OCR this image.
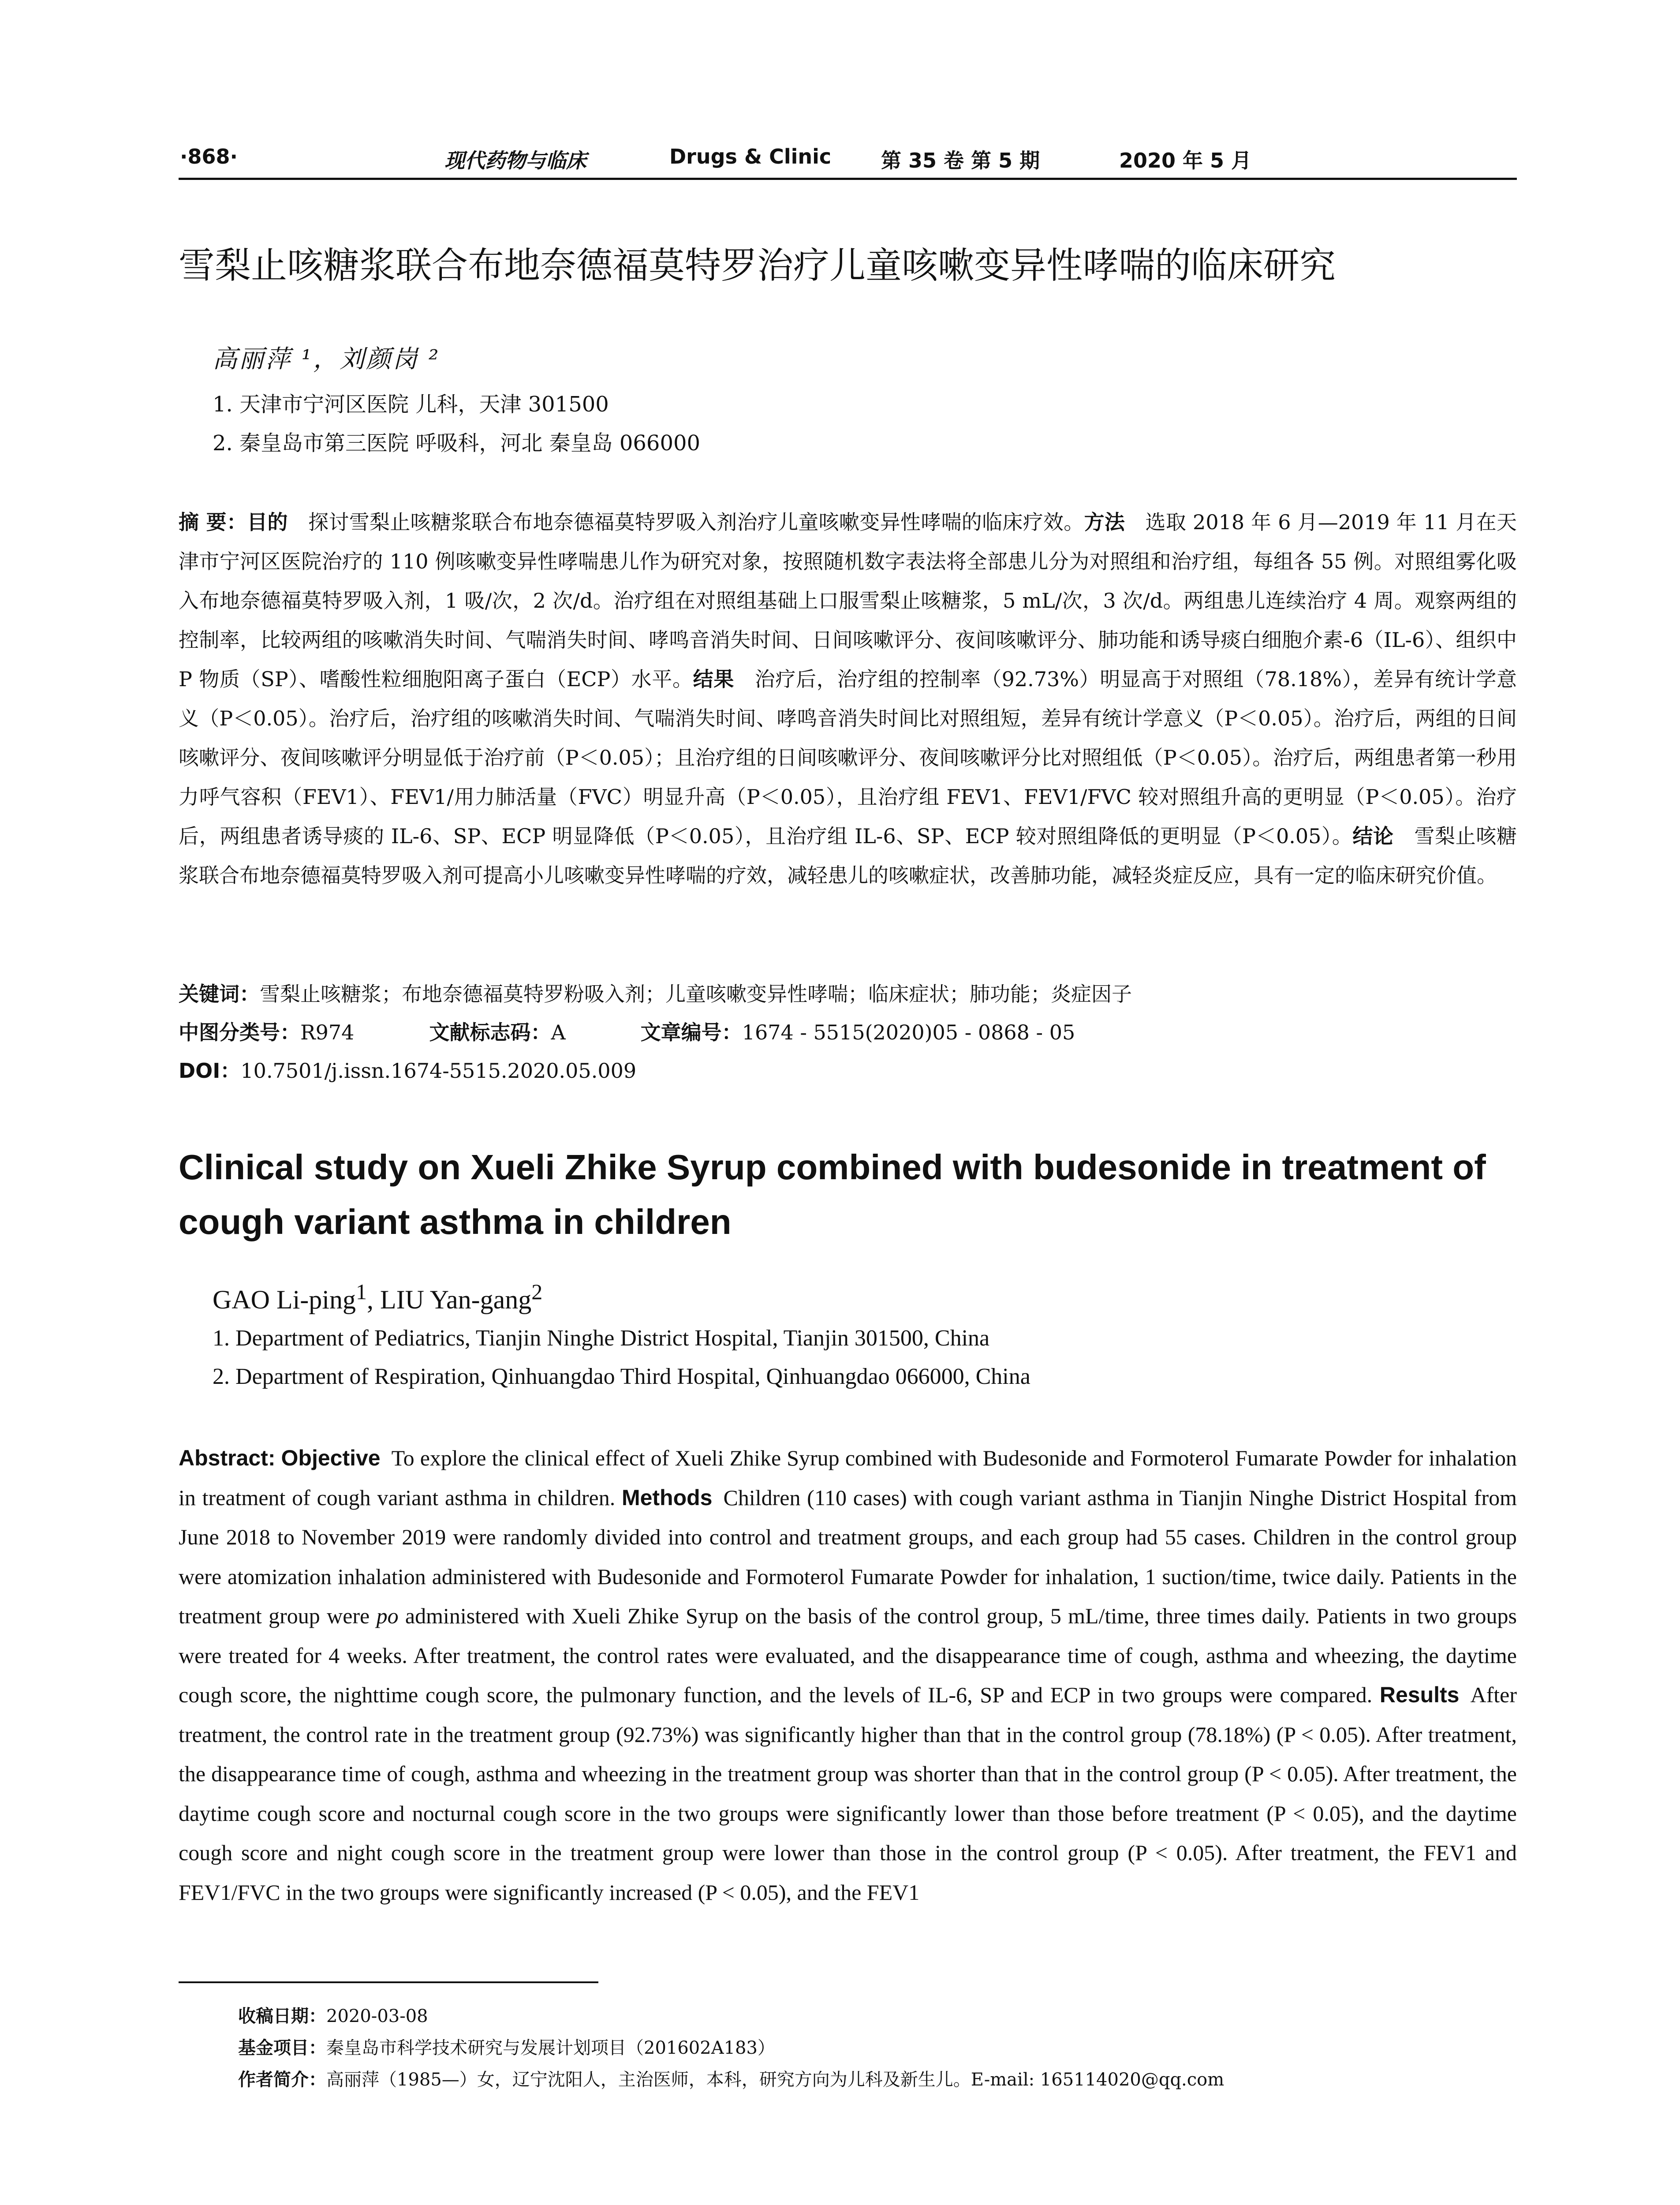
·868·	现代药物与临床	Drugs & Clinic 第 35 卷 第 5 期	2020 年 5 月
雪梨止咳糖浆联合布地奈德福莫特罗治疗儿童咳嗽变异性哮喘的临床研究
高丽萍 ¹，刘颜岗 ²
1. 天津市宁河区医院 儿科，天津 301500
2. 秦皇岛市第三医院 呼吸科，河北 秦皇岛 066000
摘 要：目的  探讨雪梨止咳糖浆联合布地奈德福莫特罗吸入剂治疗儿童咳嗽变异性哮喘的临床疗效。方法  选取 2018 年 6 月—2019 年 11 月在天津市宁河区医院治疗的 110 例咳嗽变异性哮喘患儿作为研究对象，按照随机数字表法将全部患儿分为对照组和治疗组，每组各 55 例。对照组雾化吸入布地奈德福莫特罗吸入剂，1 吸/次，2 次/d。治疗组在对照组基础上口服雪梨止咳糖浆，5 mL/次，3 次/d。两组患儿连续治疗 4 周。观察两组的控制率，比较两组的咳嗽消失时间、气喘消失时间、哮鸣音消失时间、日间咳嗽评分、夜间咳嗽评分、肺功能和诱导痰白细胞介素-6（IL-6）、组织中 P 物质（SP）、嗜酸性粒细胞阳离子蛋白（ECP）水平。结果  治疗后，治疗组的控制率（92.73%）明显高于对照组（78.18%），差异有统计学意义（P＜0.05）。治疗后，治疗组的咳嗽消失时间、气喘消失时间、哮鸣音消失时间比对照组短，差异有统计学意义（P＜0.05）。治疗后，两组的日间咳嗽评分、夜间咳嗽评分明显低于治疗前（P＜0.05）；且治疗组的日间咳嗽评分、夜间咳嗽评分比对照组低（P＜0.05）。治疗后，两组患者第一秒用力呼气容积（FEV1）、FEV1/用力肺活量（FVC）明显升高（P＜0.05），且治疗组 FEV1、FEV1/FVC 较对照组升高的更明显（P＜0.05）。治疗后，两组患者诱导痰的 IL-6、SP、ECP 明显降低（P＜0.05），且治疗组 IL-6、SP、ECP 较对照组降低的更明显（P＜0.05）。结论  雪梨止咳糖浆联合布地奈德福莫特罗吸入剂可提高小儿咳嗽变异性哮喘的疗效，减轻患儿的咳嗽症状，改善肺功能，减轻炎症反应，具有一定的临床研究价值。
关键词：雪梨止咳糖浆；布地奈德福莫特罗粉吸入剂；儿童咳嗽变异性哮喘；临床症状；肺功能；炎症因子
中图分类号：R974	文献标志码：A	文章编号：1674 - 5515(2020)05 - 0868 - 05
DOI：10.7501/j.issn.1674-5515.2020.05.009
Clinical study on Xueli Zhike Syrup combined with budesonide in treatment of cough variant asthma in children
GAO Li-ping$^1$, LIU Yan-gang$^2$
1. Department of Pediatrics, Tianjin Ninghe District Hospital, Tianjin 301500, China
2. Department of Respiration, Qinhuangdao Third Hospital, Qinhuangdao 066000, China
Abstract: Objective  To explore the clinical effect of Xueli Zhike Syrup combined with Budesonide and Formoterol Fumarate Powder for inhalation in treatment of cough variant asthma in children. Methods  Children (110 cases) with cough variant asthma in Tianjin Ninghe District Hospital from June 2018 to November 2019 were randomly divided into control and treatment groups, and each group had 55 cases. Children in the control group were atomization inhalation administered with Budesonide and Formoterol Fumarate Powder for inhalation, 1 suction/time, twice daily. Patients in the treatment group were po administered with Xueli Zhike Syrup on the basis of the control group, 5 mL/time, three times daily. Patients in two groups were treated for 4 weeks. After treatment, the control rates were evaluated, and the disappearance time of cough, asthma and wheezing, the daytime cough score, the nighttime cough score, the pulmonary function, and the levels of IL-6, SP and ECP in two groups were compared. Results  After treatment, the control rate in the treatment group (92.73%) was significantly higher than that in the control group (78.18%) (P < 0.05). After treatment, the disappearance time of cough, asthma and wheezing in the treatment group was shorter than that in the control group (P < 0.05). After treatment, the daytime cough score and nocturnal cough score in the two groups were significantly lower than those before treatment (P < 0.05), and the daytime cough score and night cough score in the treatment group were lower than those in the control group (P < 0.05). After treatment, the FEV1 and FEV1/FVC in the two groups were significantly increased (P < 0.05), and the FEV1
收稿日期：2020-03-08
基金项目：秦皇岛市科学技术研究与发展计划项目（201602A183）
作者简介：高丽萍（1985—）女，辽宁沈阳人，主治医师，本科，研究方向为儿科及新生儿。E-mail: 165114020@qq.com
